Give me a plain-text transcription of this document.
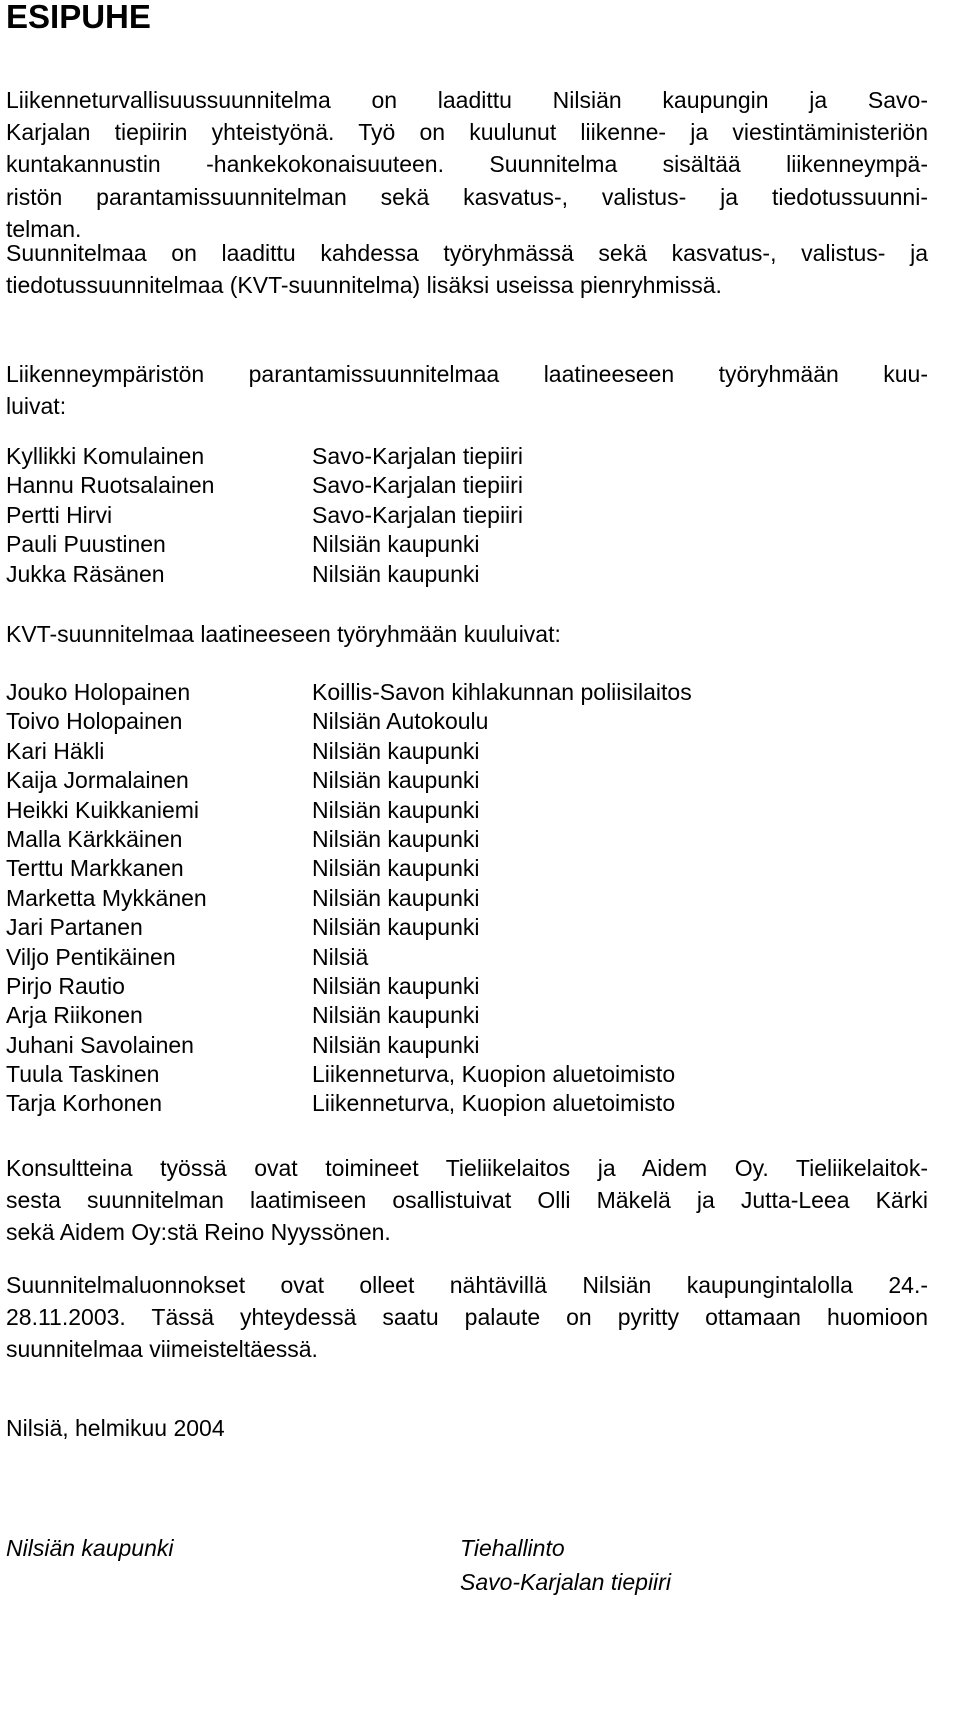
ESIPUHE
Liikenneturvallisuussuunnitelma on laadittu Nilsiän kaupungin ja Savo-
Karjalan tiepiirin yhteistyönä. Työ on kuulunut liikenne- ja viestintäministeriön
kuntakannustin -hankekokonaisuuteen. Suunnitelma sisältää liikenneympä-
ristön parantamissuunnitelman sekä kasvatus-, valistus- ja tiedotussuunni-
telman.
Suunnitelmaa on laadittu kahdessa työryhmässä sekä kasvatus-, valistus- ja
tiedotussuunnitelmaa (KVT-suunnitelma) lisäksi useissa pienryhmissä.
Liikenneympäristön parantamissuunnitelmaa laatineeseen työryhmään kuu-
luivat:
Kyllikki Komulainen	Savo-Karjalan tiepiiri
Hannu Ruotsalainen	Savo-Karjalan tiepiiri
Pertti Hirvi	Savo-Karjalan tiepiiri
Pauli Puustinen	Nilsiän kaupunki
Jukka Räsänen	Nilsiän kaupunki
KVT-suunnitelmaa laatineeseen työryhmään kuuluivat:
Jouko Holopainen	Koillis-Savon kihlakunnan poliisilaitos
Toivo Holopainen	Nilsiän Autokoulu
Kari Häkli	Nilsiän kaupunki
Kaija Jormalainen	Nilsiän kaupunki
Heikki Kuikkaniemi	Nilsiän kaupunki
Malla Kärkkäinen	Nilsiän kaupunki
Terttu Markkanen	Nilsiän kaupunki
Marketta Mykkänen	Nilsiän kaupunki
Jari Partanen	Nilsiän kaupunki
Viljo Pentikäinen	Nilsiä
Pirjo Rautio	Nilsiän kaupunki
Arja Riikonen	Nilsiän kaupunki
Juhani Savolainen	Nilsiän kaupunki
Tuula Taskinen	Liikenneturva, Kuopion aluetoimisto
Tarja Korhonen	Liikenneturva, Kuopion aluetoimisto
Konsultteina työssä ovat toimineet Tieliikelaitos ja Aidem Oy. Tieliikelaitok-
sesta suunnitelman laatimiseen osallistuivat Olli Mäkelä ja Jutta-Leea Kärki
sekä Aidem Oy:stä Reino Nyyssönen.
Suunnitelmaluonnokset ovat olleet nähtävillä Nilsiän kaupungintalolla 24.-
28.11.2003. Tässä yhteydessä saatu palaute on pyritty ottamaan huomioon
suunnitelmaa viimeisteltäessä.
Nilsiä, helmikuu 2004
Nilsiän kaupunki	Tiehallinto
Savo-Karjalan tiepiiri
